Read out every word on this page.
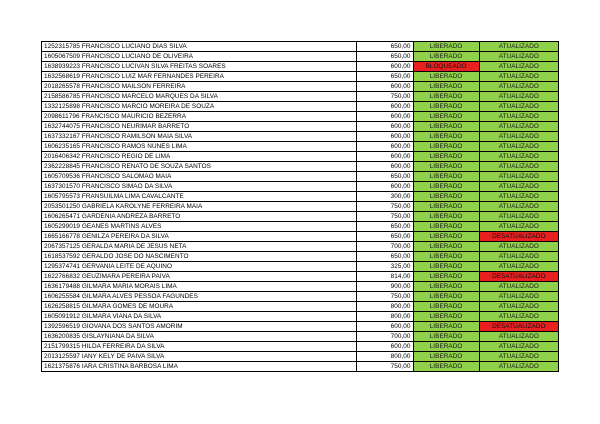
1252315785 FRANCISCO LUCIANO DIAS SILVA	650,00	LIBERADO	ATUALIZADO
1605067509 FRANCISCO LUCIANO DE OLIVEIRA	650,00	LIBERADO	ATUALIZADO
1638939223 FRANCISCO LUCIVAN SILVA FREITAS SOARES	600,00	BLOQUEADO	ATUALIZADO
1632568619 FRANCISCO LUIZ MAR FERNANDES PEREIRA	650,00	LIBERADO	ATUALIZADO
2018265578 FRANCISCO MAILSON FERREIRA	600,00	LIBERADO	ATUALIZADO
2158586785 FRANCISCO MARCELO MARQUES DA SILVA	750,00	LIBERADO	ATUALIZADO
1332125898 FRANCISCO MARCIO MOREIRA DE SOUZA	600,00	LIBERADO	ATUALIZADO
2098611796 FRANCISCO MAURICIO BEZERRA	600,00	LIBERADO	ATUALIZADO
1632744075 FRANCISCO NEURIMAR BARRETO	600,00	LIBERADO	ATUALIZADO
1637332167 FRANCISCO RAMILSON MAIA SILVA	600,00	LIBERADO	ATUALIZADO
1606235165 FRANCISCO RAMOS NUNES LIMA	600,00	LIBERADO	ATUALIZADO
2016406342 FRANCISCO REGIO DE LIMA	600,00	LIBERADO	ATUALIZADO
2362228845 FRANCISCO RENATO DE SOUZA SANTOS	600,00	LIBERADO	ATUALIZADO
1605709536 FRANCISCO SALOMAO MAIA	650,00	LIBERADO	ATUALIZADO
1637301570 FRANCISCO SIMAO DA SILVA	600,00	LIBERADO	ATUALIZADO
1605795573 FRANSUILMA LIMA CAVALCANTE	300,00	LIBERADO	ATUALIZADO
2053501250 GABRIELA KAROLYNE FERREIRA MAIA	750,00	LIBERADO	ATUALIZADO
1606265471 GARDENIA ANDREZA BARRETO	750,00	LIBERADO	ATUALIZADO
1605299019 GEANES MARTINS ALVES	650,00	LIBERADO	ATUALIZADO
1665166778 GENILZA PEREIRA DA SILVA	650,00	LIBERADO	DESATUALIZADO
2067357125 GERALDA MARIA DE JESUS NETA	700,00	LIBERADO	ATUALIZADO
1618537592 GERALDO JOSE DO NASCIMENTO	650,00	LIBERADO	ATUALIZADO
1295374741 GERVANIA LEITE DE AQUINO	325,00	LIBERADO	ATUALIZADO
1622766832 GEUZIMARA PEREIRA PAIVA	814,00	LIBERADO	DESATUALIZADO
1636179488 GILMARA MARIA MORAIS LIMA	900,00	LIBERADO	ATUALIZADO
1606255584 GILMARA ALVES PESSOA FAGUNDES	750,00	LIBERADO	ATUALIZADO
1626258815 GILMARA GOMES DE MOURA	800,00	LIBERADO	ATUALIZADO
1605091912 GILMARA VIANA DA SILVA	800,00	LIBERADO	ATUALIZADO
1392596519 GIOVANA DOS SANTOS AMORIM	600,00	LIBERADO	DESATUALIZADO
1636200835 GISLAYNIANA DA SILVA	700,00	LIBERADO	ATUALIZADO
2151799315 HILDA FERREIRA DA SILVA	600,00	LIBERADO	ATUALIZADO
2013125597 IANY KELY DE PAIVA SILVA	800,00	LIBERADO	ATUALIZADO
1621375876 IARA CRISTINA BARBOSA LIMA	750,00	LIBERADO	ATUALIZADO
